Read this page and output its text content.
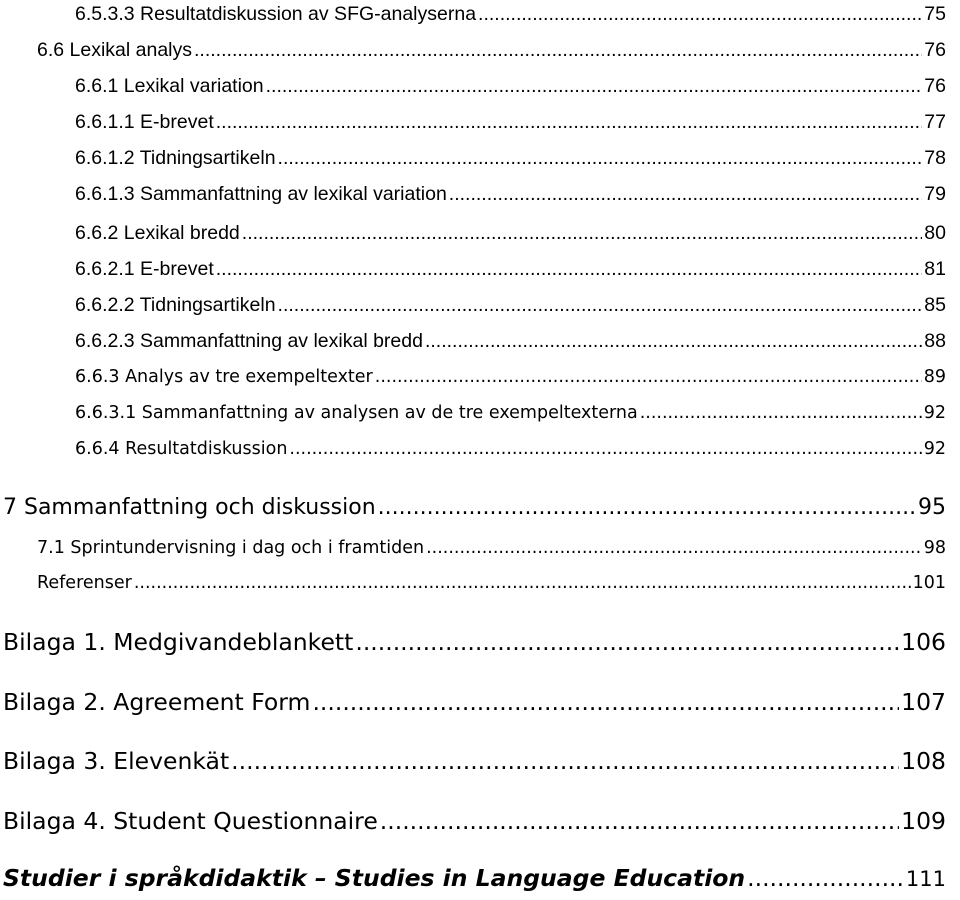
6.5.3.3 Resultatdiskussion av SFG-analyserna .....	75
6.6 Lexikal analys .....	76
6.6.1 Lexikal variation .....	76
6.6.1.1 E-brevet .....	77
6.6.1.2 Tidningsartikeln .....	78
6.6.1.3 Sammanfattning av lexikal variation .....	79
6.6.2 Lexikal bredd .....	80
6.6.2.1 E-brevet .....	81
6.6.2.2 Tidningsartikeln .....	85
6.6.2.3 Sammanfattning av lexikal bredd .....	88
6.6.3 Analys av tre exempeltexter .....	89
6.6.3.1 Sammanfattning av analysen av de tre exempeltexterna .....	92
6.6.4 Resultatdiskussion .....	92
7 Sammanfattning och diskussion .....	95
7.1 Sprintundervisning i dag och i framtiden .....	98
Referenser .....	101
Bilaga 1. Medgivandeblankett .....	106
Bilaga 2. Agreement Form .....	107
Bilaga 3. Elevenkät .....	108
Bilaga 4. Student Questionnaire .....	109
Studier i språkdidaktik – Studies in Language Education .....	111
